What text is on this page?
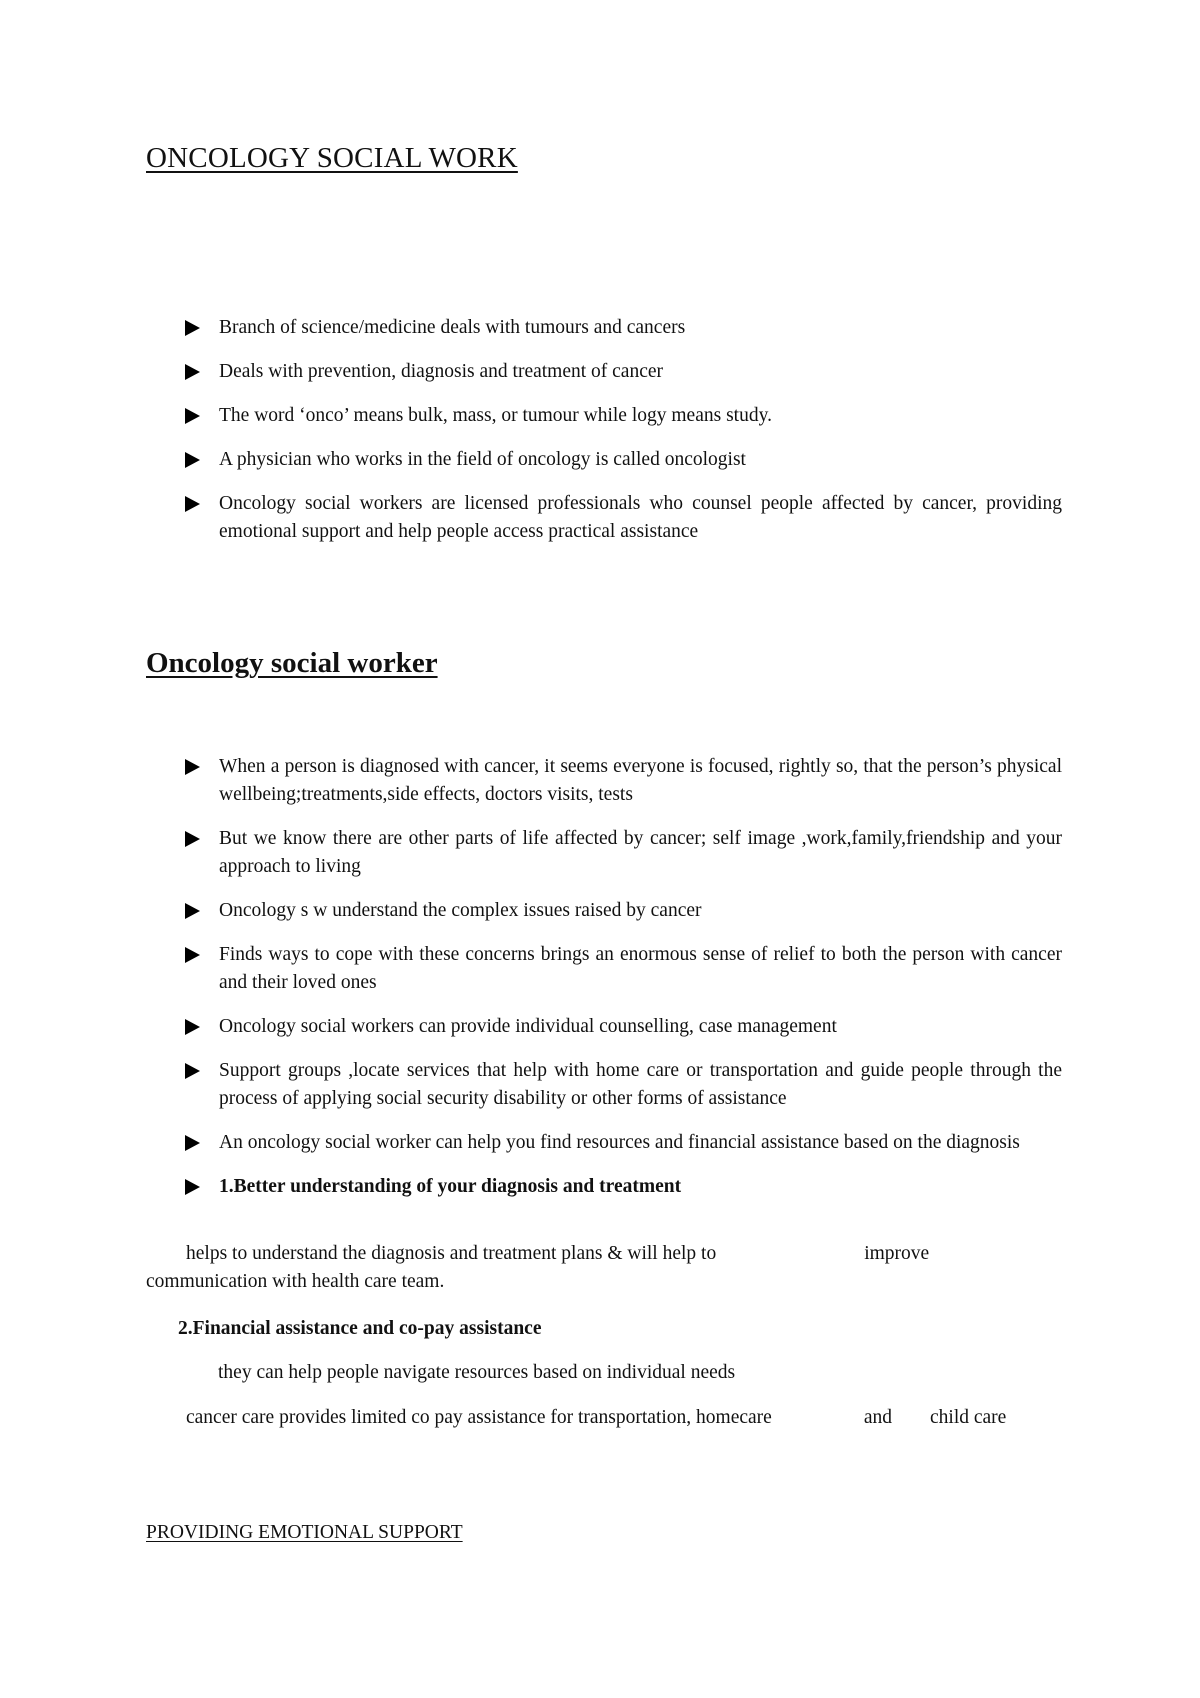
ONCOLOGY SOCIAL WORK
Branch of science/medicine deals with tumours and cancers
Deals with prevention, diagnosis and treatment of cancer
The word ‘onco’ means bulk, mass, or tumour while logy means study.
A physician who works in the field of oncology is called oncologist
Oncology social workers are licensed professionals who counsel people affected by cancer, providing emotional support and help people access practical assistance
Oncology social worker
When a person is diagnosed with cancer, it seems everyone is focused, rightly so, that the person’s physical wellbeing;treatments,side effects, doctors visits, tests
But we know there are other parts of life affected by cancer; self image ,work,family,friendship and your approach to living
Oncology s w understand the complex issues raised by cancer
Finds ways to cope with these concerns brings an enormous sense of relief to both the person with cancer and their loved ones
Oncology social workers can provide individual counselling, case management
Support groups ,locate services that help with home care or transportation and guide people through the process of applying social security disability or other forms of assistance
An oncology social worker can help you find resources and financial assistance based on the diagnosis
1.Better understanding of your diagnosis and treatment

helps to understand the diagnosis and treatment plans & will help to	improve communication with health care team.

2.Financial assistance and co-pay assistance

they can help people navigate resources based on individual needs

cancer care provides limited co pay assistance for transportation, homecare	and child care

PROVIDING EMOTIONAL SUPPORT
